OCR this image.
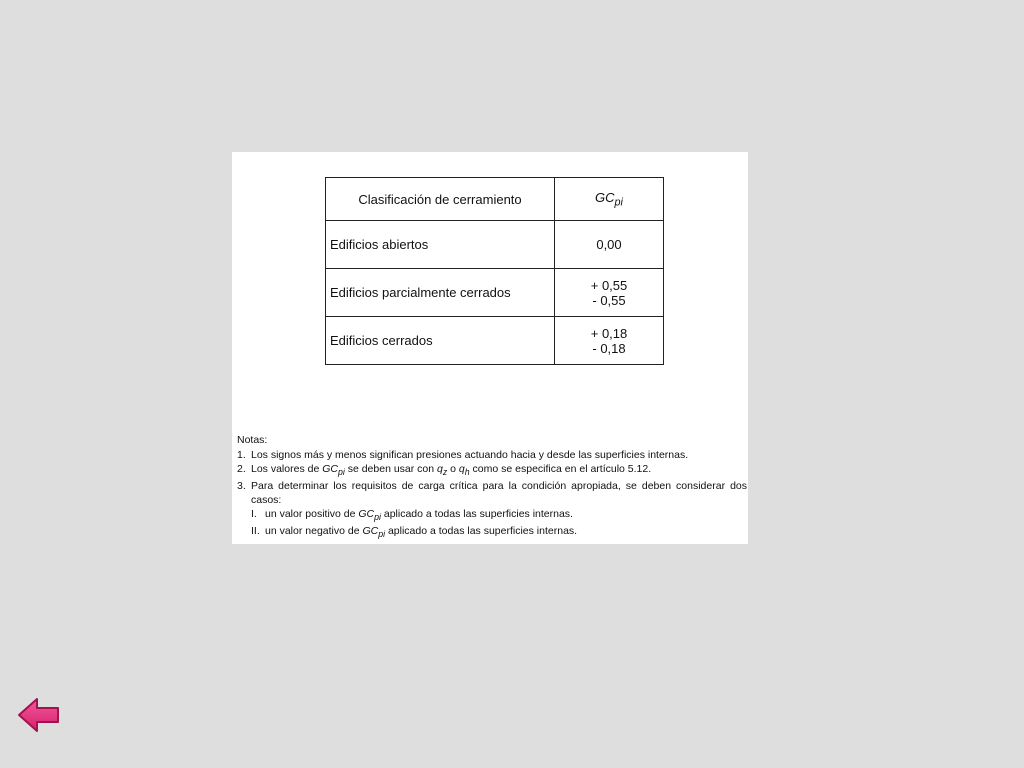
Clasificación de cerramiento	$GC_{pi}$
Edificios abiertos	0,00

Edificios parcialmente cerrados	+ 0,55
- 0,55

Edificios cerrados	+ 0,18
- 0,18
Notas:
1. Los signos más y menos significan presiones actuando hacia y desde las superficies internas.
2. Los valores de $GC_{pi}$ se deben usar con $q_z$ o $q_h$ como se especifica en el artículo 5.12.
3. Para determinar los requisitos de carga crítica para la condición apropiada, se deben considerar dos casos:
I. un valor positivo de $GC_{pi}$ aplicado a todas las superficies internas.
II. un valor negativo de $GC_{pi}$ aplicado a todas las superficies internas.
